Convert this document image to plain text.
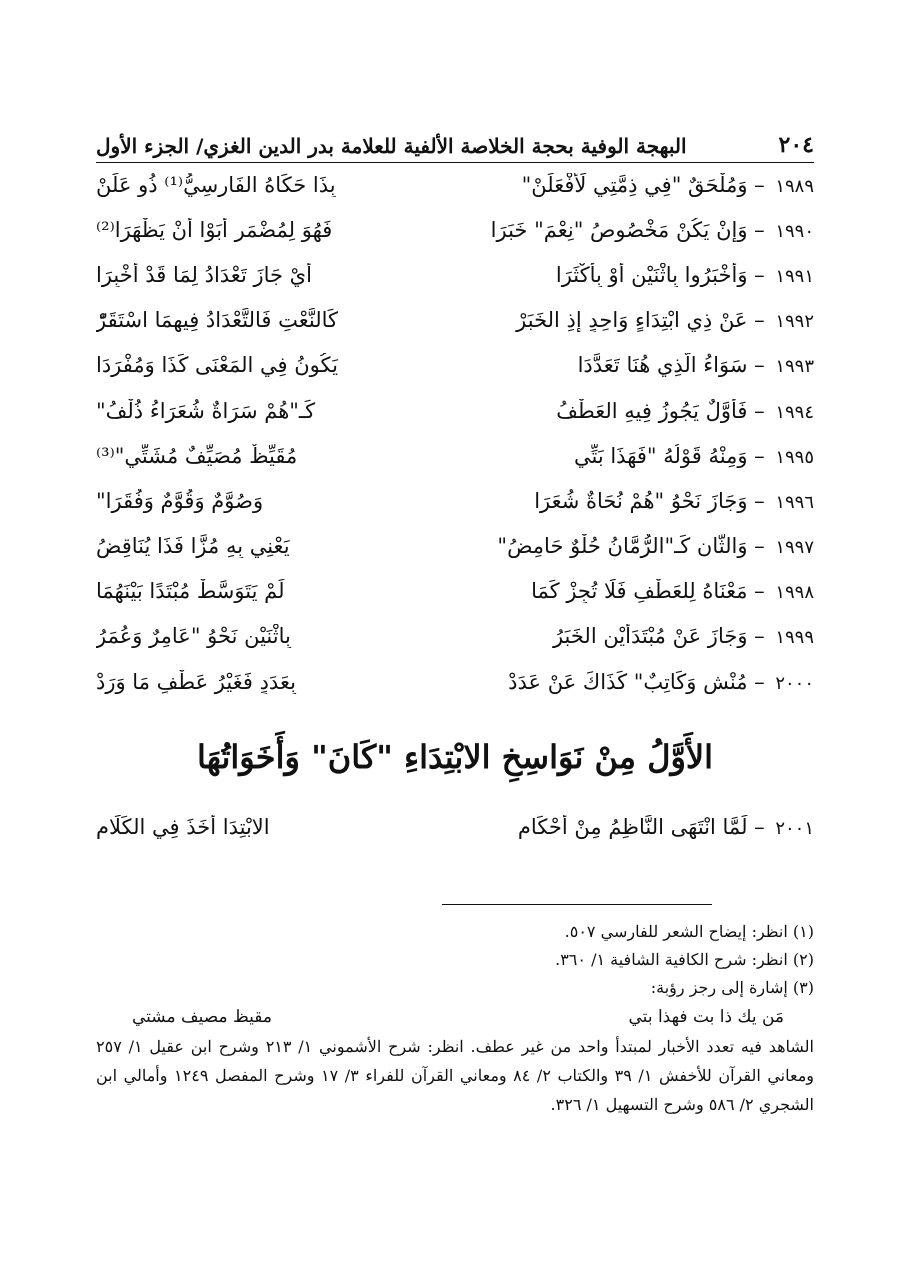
٢٠٤
البهجة الوفية بحجة الخلاصة الألفية للعلامة بدر الدين الغزي/ الجزء الأول
١٩٨٩ – وَمُلْحَقٌ "فِي ذِمَّتِي لَأَفْعَلَنْ"
بِذَا حَكَاهُ الفَارِسِيُّ⁽¹⁾ ذُو عَلَنْ
١٩٩٠ – وَإِنْ يَكُنْ مَخْصُوصُ "نِعْمَ" خَبَرَا
فَهُوَ لِمُضْمَرٍ أَبَوْا أَنْ يَظْهَرَا⁽²⁾
١٩٩١ – وَأَخْبَرُوا بِاثْنَيْنِ أَوْ بِأَكْثَرَا
أَيْ جَازَ تَعْدَادُ لِمَا قَدْ أُخْبِرَا
١٩٩٢ – عَنْ ذِي ابْتِدَاءٍ وَاحِدٍ إِذِ الخَبَرْ
كَالنَّعْتِ فَالتَّعْدَادُ فِيهِمَا اسْتَقَرّْ
١٩٩٣ – سَوَاءُ الَّذِي هُنَا تَعَدَّدَا
يَكُونُ فِي المَعْنَى كَذَا وَمُفْرَدَا
١٩٩٤ – فَأَوَّلٌ يَجُوزُ فِيهِ العَطْفُ
كَـ"هُمْ سَرَاةٌ شُعَرَاءُ ذُلْفُ"
١٩٩٥ – وَمِنْهُ قَوْلُهُ "فَهَذَا بَتِّي
مُقَيِّظٌ مُصَيِّفٌ مُشَتِّي"⁽³⁾
١٩٩٦ – وَجَازَ نَحْوُ "هُمْ نُحَاةٌ شُعَرَا
وَصُوَّمٌ وَقُوَّمٌ وَفُقَرَا"
١٩٩٧ – وَالثَّانِ كَـ"الرُّمَّانُ حُلْوٌ حَامِضُ"
يَعْنِي بِهِ مُزًّا فَذَا يُنَاقِضُ
١٩٩٨ – مَعْنَاهُ لِلعَطْفِ فَلَا تُجِزْ كَمَا
لَمْ يَتَوَسَّطْ مُبْتَدًا بَيْنَهُمَا
١٩٩٩ – وَجَازَ عَنْ مُبْتَدَأَيْنِ الخَبَرُ
بِاثْنَيْنِ نَحْوُ "عَامِرٌ وَعُمَرُ
٢٠٠٠ – مُنْشٍ وَكَاتِبٌ" كَذَاكَ عَنْ عَدَدْ
بِعَدَدٍ فَغَيْرُ عَطْفٍ مَا وَرَدْ
الأَوَّلُ مِنْ نَوَاسِخِ الابْتِدَاءِ "كَانَ" وَأَخَوَاتُهَا
٢٠٠١ – لَمَّا انْتَهَى النَّاظِمُ مِنْ أَحْكَامِ
الابْتِدَا أَخَذَ فِي الكَلَامِ
(١) انظر: إيضاح الشعر للفارسي ٥٠٧.
(٢) انظر: شرح الكافية الشافية ١/ ٣٦٠.
(٣) إشارة إلى رجز رؤبة:
مَن يك ذا بت فهذا بتي
مقيظ مصيف مشتي
الشاهد فيه تعدد الأخبار لمبتدأ واحد من غير عطف. انظر: شرح الأشموني ١/ ٢١٣ وشرح ابن عقيل ١/ ٢٥٧ ومعاني القرآن للأخفش ١/ ٣٩ والكتاب ٢/ ٨٤ ومعاني القرآن للفراء ٣/ ١٧ وشرح المفصل ١٢٤٩ وأمالي ابن الشجري ٢/ ٥٨٦ وشرح التسهيل ١/ ٣٢٦.
